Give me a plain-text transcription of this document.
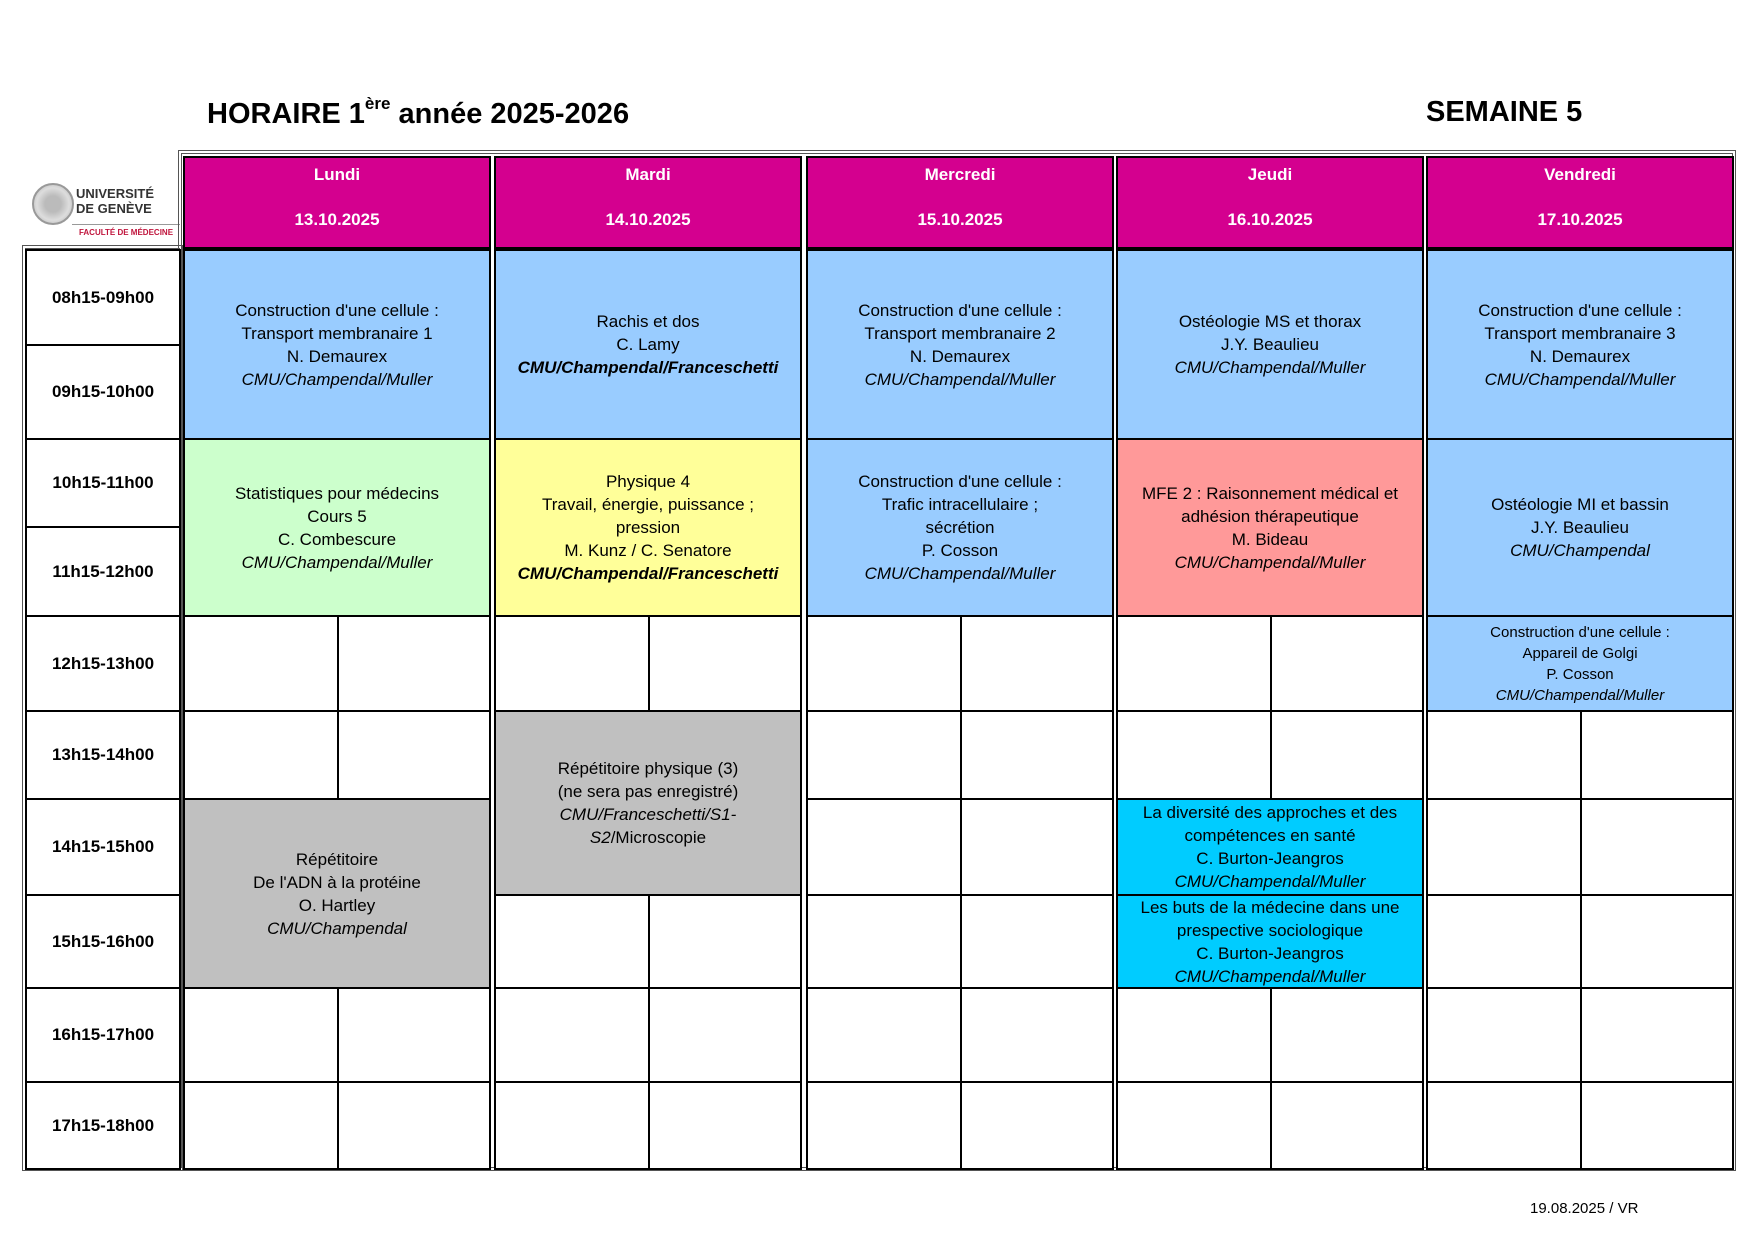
HORAIRE 1ère année 2025-2026	SEMAINE 5
UNIVERSITÉ
DE GENÈVE
FACULTÉ DE MÉDECINE
08h15-09h00
09h15-10h00
10h15-11h00
11h15-12h00
12h15-13h00
13h15-14h00
14h15-15h00
15h15-16h00
16h15-17h00
17h15-18h00
Lundi
13.10.2025
Construction d'une cellule :
Transport membranaire 1
N. Demaurex
CMU/Champendal/Muller
Statistiques pour médecins
Cours 5
C. Combescure
CMU/Champendal/Muller
Répétitoire
De l'ADN à la protéine
O. Hartley
CMU/Champendal
Mardi
14.10.2025
Rachis et dos
C. Lamy
CMU/Champendal/Franceschetti
Physique 4
Travail, énergie, puissance ;
pression
M. Kunz / C. Senatore
CMU/Champendal/Franceschetti
Répétitoire physique (3)
(ne sera pas enregistré)
CMU/Franceschetti/S1-
S2/Microscopie
Mercredi
15.10.2025
Construction d'une cellule :
Transport membranaire 2
N. Demaurex
CMU/Champendal/Muller
Construction d'une cellule :
Trafic intracellulaire ;
sécrétion
P. Cosson
CMU/Champendal/Muller
Jeudi
16.10.2025
Ostéologie MS et thorax
J.Y. Beaulieu
CMU/Champendal/Muller
MFE 2 : Raisonnement médical et
adhésion thérapeutique
M. Bideau
CMU/Champendal/Muller
La diversité des approches et des
compétences en santé
C. Burton-Jeangros
CMU/Champendal/Muller
Les buts de la médecine dans une
prespective sociologique
C. Burton-Jeangros
CMU/Champendal/Muller
Vendredi
17.10.2025
Construction d'une cellule :
Transport membranaire 3
N. Demaurex
CMU/Champendal/Muller
Ostéologie MI et bassin
J.Y. Beaulieu
CMU/Champendal
Construction d'une cellule :
Appareil de Golgi
P. Cosson
CMU/Champendal/Muller
19.08.2025 / VR
